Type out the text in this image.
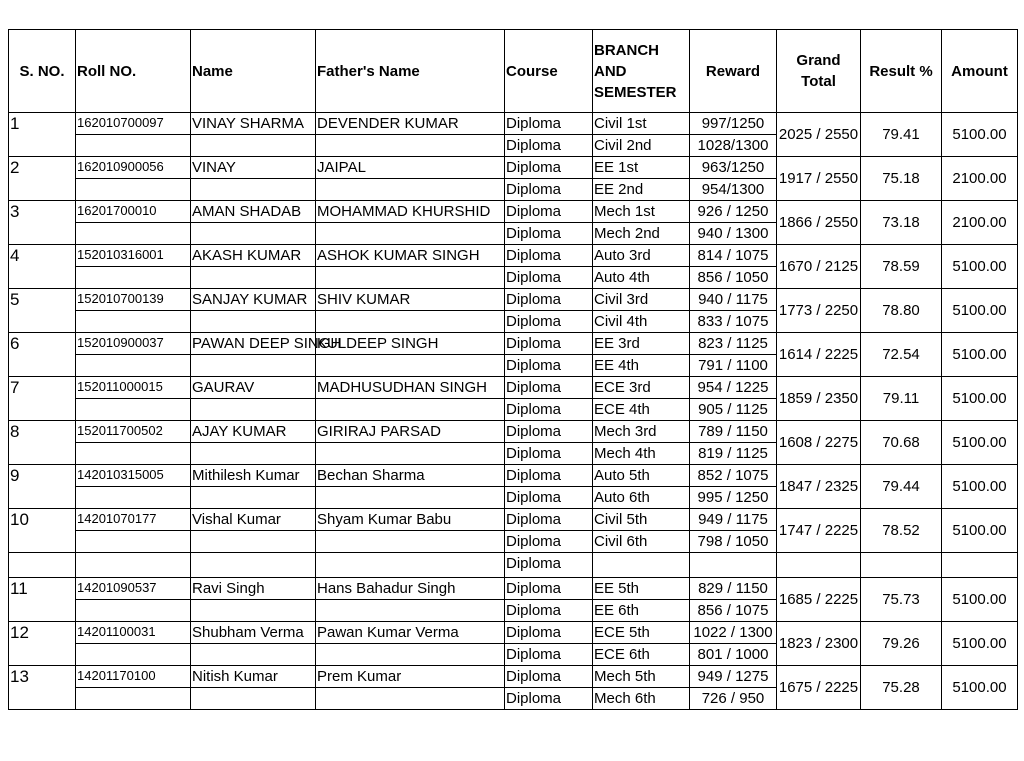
S. NO.	Roll NO.	Name	Father's Name	Course	BRANCH AND SEMESTER	Reward	Grand Total	Result %	Amount
1	162010700097	VINAY SHARMA	DEVENDER KUMAR	Diploma	Civil 1st	997/1250	2025 / 2550	79.41	5100.00
				Diploma	Civil 2nd	1028/1300			
2	162010900056	VINAY	JAIPAL	Diploma	EE 1st	963/1250	1917 / 2550	75.18	2100.00
				Diploma	EE 2nd	954/1300			
3	16201700010	AMAN SHADAB	MOHAMMAD KHURSHID	Diploma	Mech 1st	926 / 1250	1866 / 2550	73.18	2100.00
				Diploma	Mech 2nd	940 / 1300			
4	152010316001	AKASH KUMAR	ASHOK KUMAR SINGH	Diploma	Auto 3rd	814 / 1075	1670 / 2125	78.59	5100.00
				Diploma	Auto 4th	856 / 1050			
5	152010700139	SANJAY KUMAR	SHIV KUMAR	Diploma	Civil 3rd	940 / 1175	1773 / 2250	78.80	5100.00
				Diploma	Civil 4th	833 / 1075			
6	152010900037	PAWAN DEEP SINGH	KULDEEP SINGH	Diploma	EE 3rd	823 / 1125	1614 / 2225	72.54	5100.00
				Diploma	EE 4th	791 / 1100			
7	152011000015	GAURAV	MADHUSUDHAN SINGH	Diploma	ECE 3rd	954 / 1225	1859 / 2350	79.11	5100.00
				Diploma	ECE 4th	905 / 1125			
8	152011700502	AJAY KUMAR	GIRIRAJ PARSAD	Diploma	Mech 3rd	789 / 1150	1608 / 2275	70.68	5100.00
				Diploma	Mech 4th	819 / 1125			
9	142010315005	Mithilesh Kumar	Bechan Sharma	Diploma	Auto 5th	852 / 1075	1847 / 2325	79.44	5100.00
				Diploma	Auto 6th	995 / 1250			
10	14201070177	Vishal Kumar	Shyam Kumar Babu	Diploma	Civil 5th	949 / 1175	1747 / 2225	78.52	5100.00
				Diploma	Civil 6th	798 / 1050			
				Diploma					
11	14201090537	Ravi Singh	Hans Bahadur Singh	Diploma	EE 5th	829 / 1150	1685 / 2225	75.73	5100.00
				Diploma	EE 6th	856 / 1075			
12	14201100031	Shubham Verma	Pawan Kumar Verma	Diploma	ECE 5th	1022 / 1300	1823 / 2300	79.26	5100.00
				Diploma	ECE 6th	801 / 1000			
13	14201170100	Nitish Kumar	Prem Kumar	Diploma	Mech 5th	949 / 1275	1675 / 2225	75.28	5100.00
				Diploma	Mech 6th	726 / 950			
